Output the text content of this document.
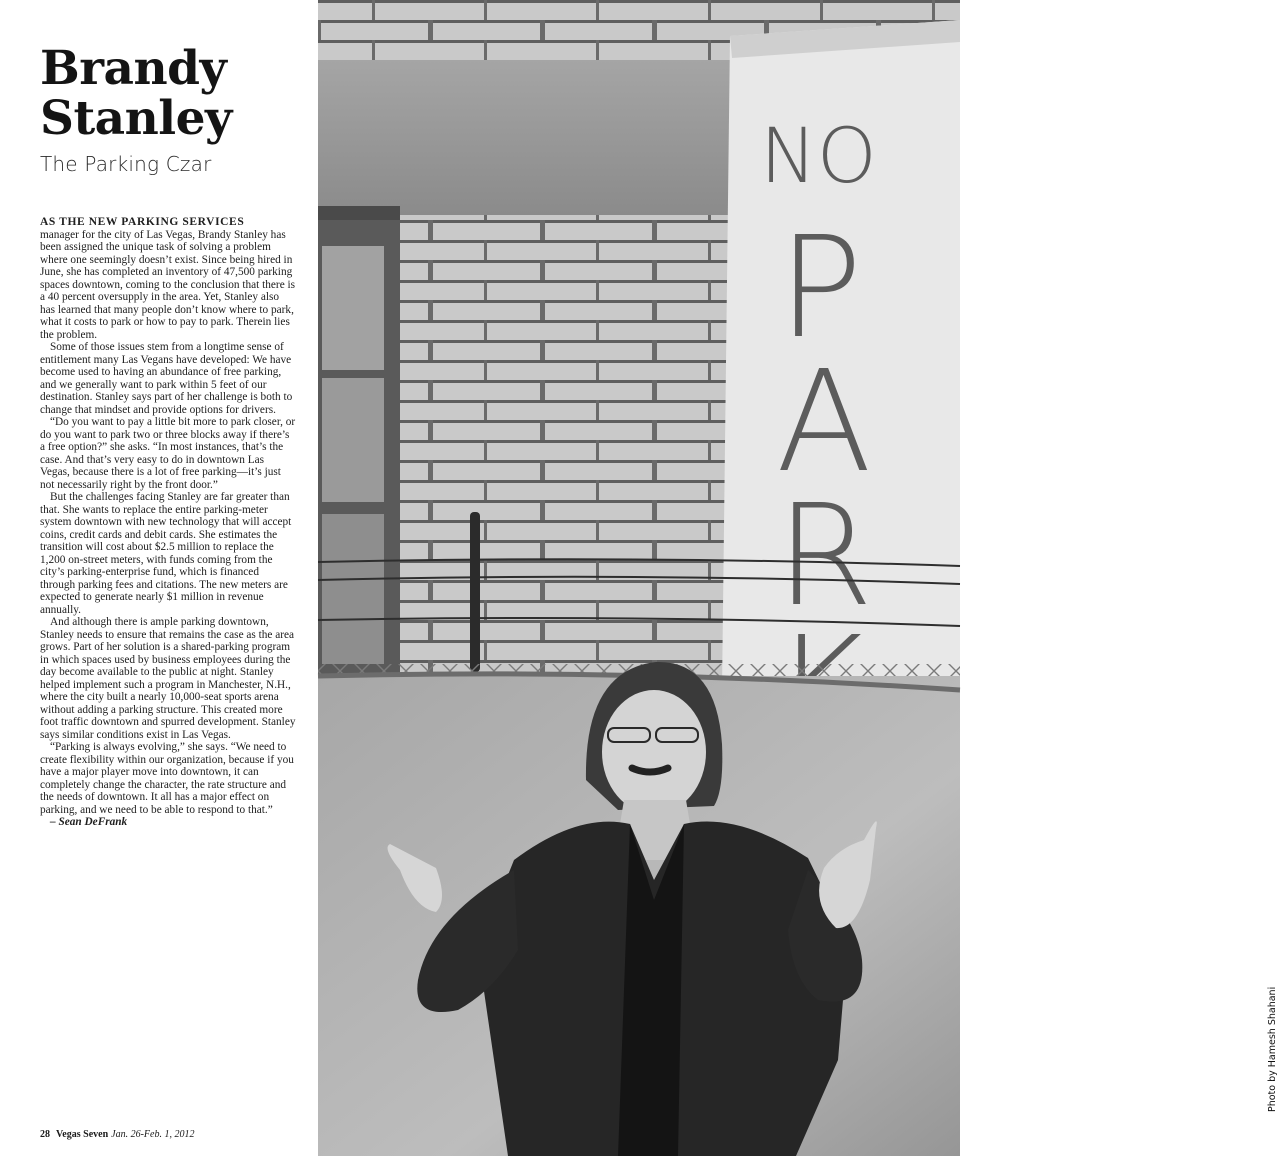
Brandy
Stanley
The Parking Czar

AS THE NEW PARKING SERVICES
manager for the city of Las Vegas, Brandy Stanley has been assigned the unique task of solving a problem where one seemingly doesn’t exist. Since being hired in June, she has completed an inventory of 47,500 parking spaces downtown, coming to the conclusion that there is a 40 percent oversupply in the area. Yet, Stanley also has learned that many people don’t know where to park, what it costs to park or how to pay to park. Therein lies the problem.

Some of those issues stem from a longtime sense of entitlement many Las Vegans have developed: We have become used to having an abundance of free parking, and we generally want to park within 5 feet of our destination. Stanley says part of her challenge is both to change that mindset and provide options for drivers.

“Do you want to pay a little bit more to park closer, or do you want to park two or three blocks away if there’s a free option?” she asks. “In most instances, that’s the case. And that’s very easy to do in downtown Las Vegas, because there is a lot of free parking—it’s just not necessarily right by the front door.”

But the challenges facing Stanley are far greater than that. She wants to replace the entire parking-meter system downtown with new technology that will accept coins, credit cards and debit cards. She estimates the transition will cost about $2.5 million to replace the 1,200 on-street meters, with funds coming from the city’s parking-enterprise fund, which is financed through parking fees and citations. The new meters are expected to generate nearly $1 million in revenue annually.

And although there is ample parking downtown, Stanley needs to ensure that remains the case as the area grows. Part of her solution is a shared-parking program in which spaces used by business employees during the day become available to the public at night. Stanley helped implement such a program in Manchester, N.H., where the city built a nearly 10,000-seat sports arena without adding a parking structure. This created more foot traffic downtown and spurred development. Stanley says similar conditions exist in Las Vegas.

“Parking is always evolving,” she says. “We need to create flexibility within our organization, because if you have a major player move into downtown, it can completely change the character, the rate structure and the needs of downtown. It all has a major effect on parking, and we need to be able to respond to that.”

– Sean DeFrank

28 Vegas Seven Jan. 26-Feb. 1, 2012
NO
P
A
R
Photo by Hamesh Shahani
